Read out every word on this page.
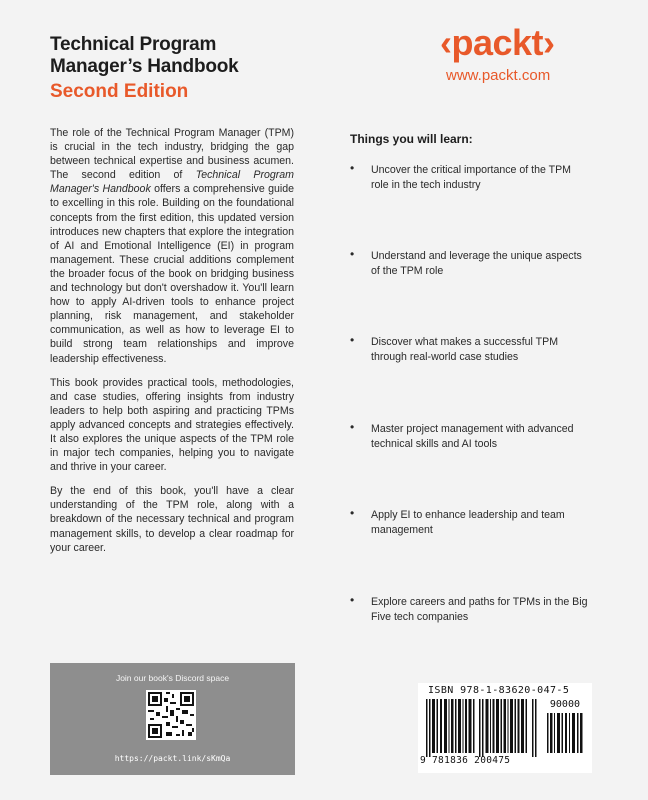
Technical Program
Manager’s Handbook
Second Edition
‹packt›
www.packt.com

The role of the Technical Program Manager (TPM) is crucial in the tech industry, bridging the gap between technical expertise and business acumen. The second edition of Technical Program Manager's Handbook offers a comprehensive guide to excelling in this role. Building on the foundational concepts from the first edition, this updated version introduces new chapters that explore the integration of AI and Emotional Intelligence (EI) in program management. These crucial additions complement the broader focus of the book on bridging business and technology but don't overshadow it. You'll learn how to apply AI-driven tools to enhance project planning, risk management, and stakeholder communication, as well as how to leverage EI to build strong team relationships and improve leadership effectiveness.

This book provides practical tools, methodologies, and case studies, offering insights from industry leaders to help both aspiring and practicing TPMs apply advanced concepts and strategies effectively. It also explores the unique aspects of the TPM role in major tech companies, helping you to navigate and thrive in your career.

By the end of this book, you'll have a clear understanding of the TPM role, along with a breakdown of the necessary technical and program management skills, to develop a clear roadmap for your career.

Things you will learn:
• Uncover the critical importance of the TPM role in the tech industry
• Understand and leverage the unique aspects of the TPM role
• Discover what makes a successful TPM through real-world case studies
• Master project management with advanced technical skills and AI tools
• Apply EI to enhance leadership and team management
• Explore careers and paths for TPMs in the Big Five tech companies
Join our book's Discord space
https://packt.link/sKmQa
ISBN 978-1-83620-047-5
90000
9 781836 200475
